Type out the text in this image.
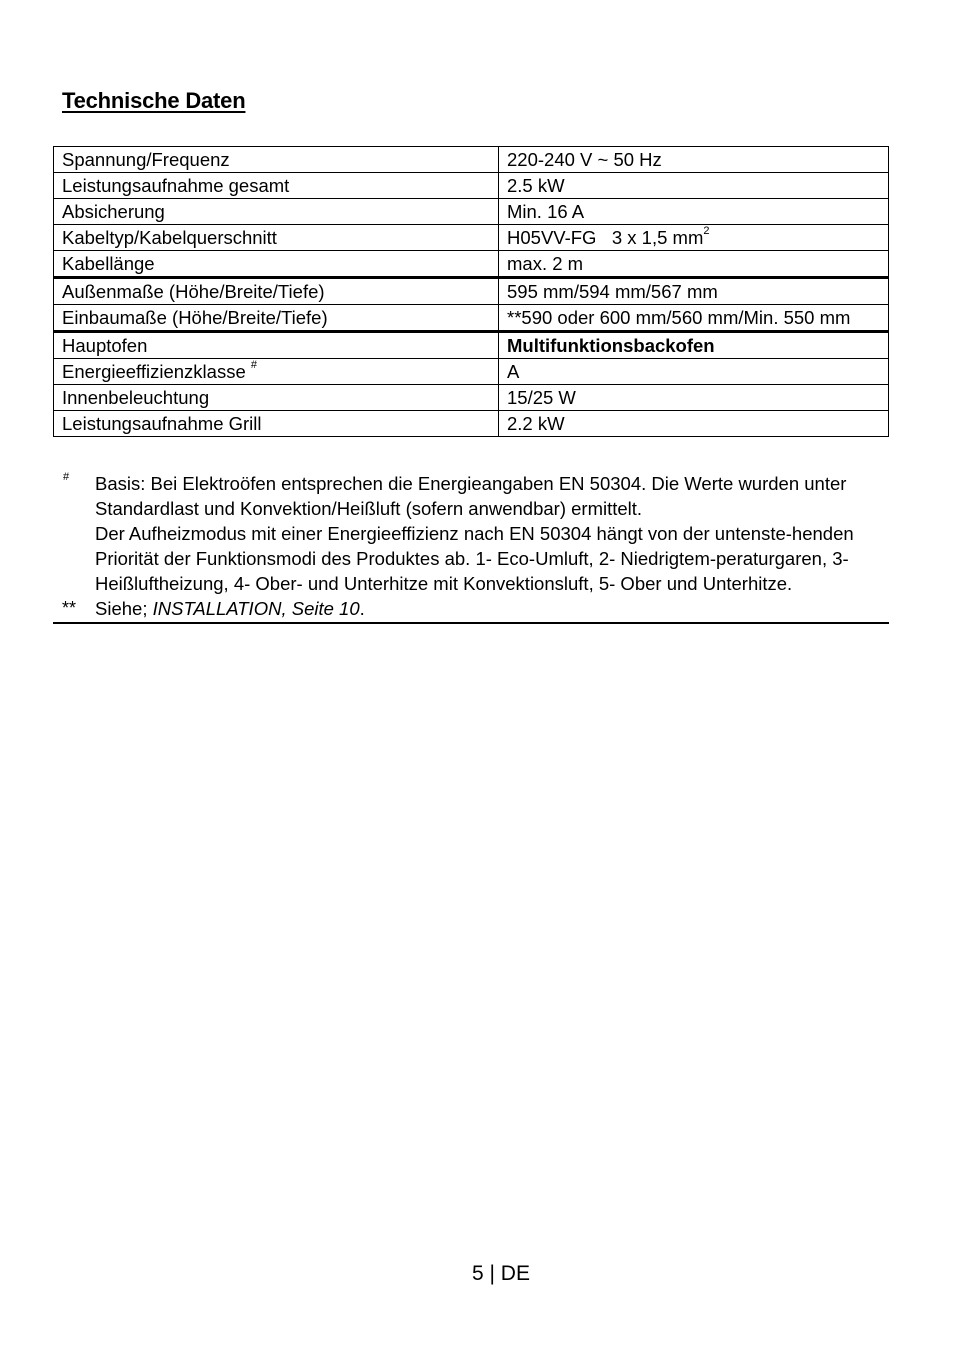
Technische Daten
Spannung/Frequenz	220-240 V ~ 50 Hz
Leistungsaufnahme gesamt	2.5 kW
Absicherung	Min. 16 A
Kabeltyp/Kabelquerschnitt	H05VV-FG   3 x 1,5 $mm^2$
Kabellänge	max. 2 m
Außenmaße (Höhe/Breite/Tiefe)	595 mm/594 mm/567 mm
Einbaumaße (Höhe/Breite/Tiefe)	**590 oder 600 mm/560 mm/Min. 550 mm
Hauptofen	Multifunktionsbackofen
Energieeffizienzklasse #	A
Innenbeleuchtung	15/25 W
Leistungsaufnahme Grill	2.2 kW
# Basis: Bei Elektroöfen entsprechen die Energieangaben EN 50304. Die Werte wurden unter Standardlast und Konvektion/Heißluft (sofern anwendbar) ermittelt.

Der Aufheizmodus mit einer Energieeffizienz nach EN 50304 hängt von der untenste-henden Priorität der Funktionsmodi des Produktes ab. 1- Eco-Umluft, 2- Niedrigtem-peraturgaren, 3-Heißluftheizung, 4- Ober- und Unterhitze mit Konvektionsluft, 5- Ober und Unterhitze.

** Siehe; INSTALLATION, Seite 10.

5 | DE
